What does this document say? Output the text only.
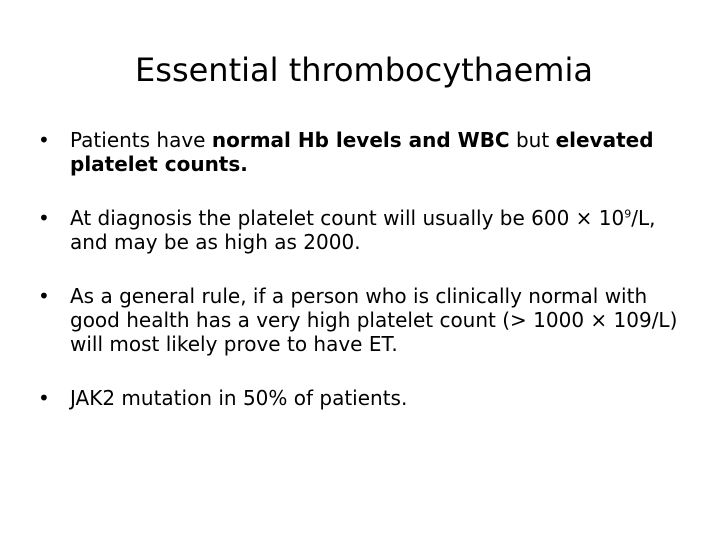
Essential thrombocythaemia
•	Patients have normal Hb levels and WBC but elevated platelet counts.
•	At diagnosis the platelet count will usually be $600 \times 10^9/L$, and may be as high as 2000.
•	As a general rule, if a person who is clinically normal with good health has a very high platelet count (> 1000 × 109/L) will most likely prove to have ET.
•	JAK2 mutation in 50% of patients.
